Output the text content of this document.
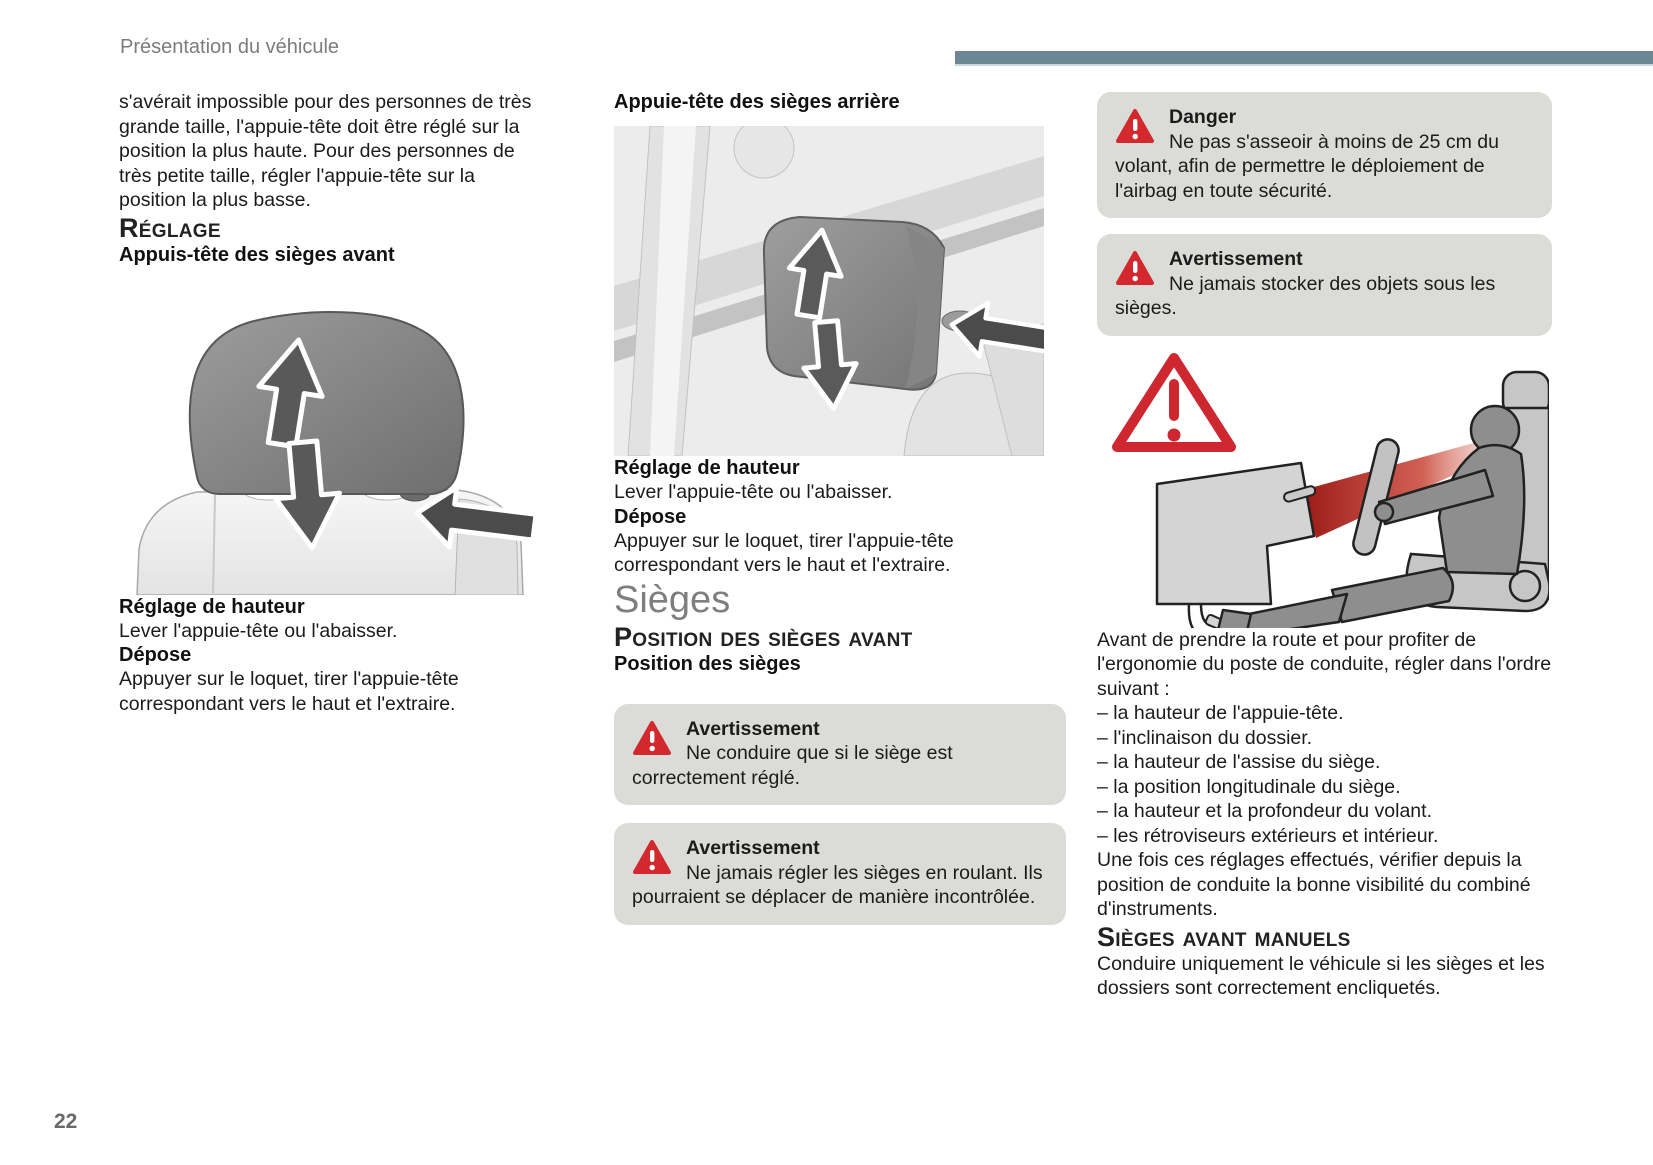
Présentation du véhicule

s'avérait impossible pour des personnes de très grande taille, l'appuie-tête doit être réglé sur la position la plus haute. Pour des personnes de très petite taille, régler l'appuie-tête sur la position la plus basse.

Réglage
Appuis-tête des sièges avant
Réglage de hauteur

Lever l'appuie-tête ou l'abaisser.

Dépose

Appuyer sur le loquet, tirer l'appuie-tête correspondant vers le haut et l'extraire.

Appuie-tête des sièges arrière
Réglage de hauteur

Lever l'appuie-tête ou l'abaisser.

Dépose

Appuyer sur le loquet, tirer l'appuie-tête correspondant vers le haut et l'extraire.

Sièges
Position des sièges avant
Position des sièges
Avertissement
Ne conduire que si le siège est correctement réglé.
Avertissement
Ne jamais régler les sièges en roulant. Ils pourraient se déplacer de manière incontrôlée.
Danger
Ne pas s'asseoir à moins de 25 cm du volant, afin de permettre le déploiement de l'airbag en toute sécurité.
Avertissement
Ne jamais stocker des objets sous les sièges.

Avant de prendre la route et pour profiter de l'ergonomie du poste de conduite, régler dans l'ordre suivant :

– la hauteur de l'appuie-tête.
– l'inclinaison du dossier.
– la hauteur de l'assise du siège.
– la position longitudinale du siège.
– la hauteur et la profondeur du volant.
– les rétroviseurs extérieurs et intérieur.

Une fois ces réglages effectués, vérifier depuis la position de conduite la bonne visibilité du combiné d'instruments.

Sièges avant manuels

Conduire uniquement le véhicule si les sièges et les dossiers sont correctement encliquetés.

22
